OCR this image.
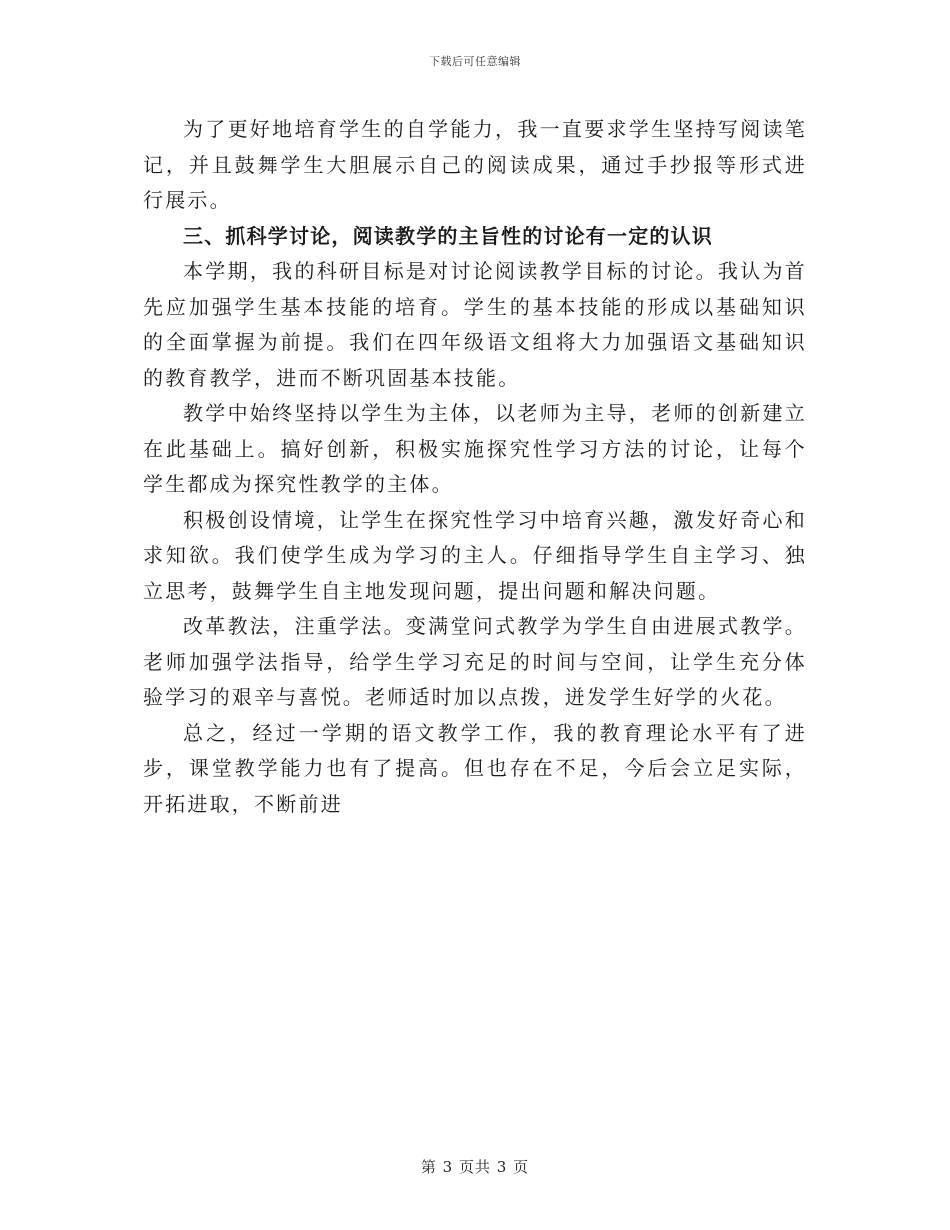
下载后可任意编辑

为了更好地培育学生的自学能力，我一直要求学生坚持写阅读笔记，并且鼓舞学生大胆展示自己的阅读成果，通过手抄报等形式进行展示。

三、抓科学讨论，阅读教学的主旨性的讨论有一定的认识

本学期，我的科研目标是对讨论阅读教学目标的讨论。我认为首先应加强学生基本技能的培育。学生的基本技能的形成以基础知识的全面掌握为前提。我们在四年级语文组将大力加强语文基础知识的教育教学，进而不断巩固基本技能。

教学中始终坚持以学生为主体，以老师为主导，老师的创新建立在此基础上。搞好创新，积极实施探究性学习方法的讨论，让每个学生都成为探究性教学的主体。

积极创设情境，让学生在探究性学习中培育兴趣，激发好奇心和求知欲。我们使学生成为学习的主人。仔细指导学生自主学习、独立思考，鼓舞学生自主地发现问题，提出问题和解决问题。

改革教法，注重学法。变满堂问式教学为学生自由进展式教学。老师加强学法指导，给学生学习充足的时间与空间，让学生充分体验学习的艰辛与喜悦。老师适时加以点拨，迸发学生好学的火花。

总之，经过一学期的语文教学工作，我的教育理论水平有了进步，课堂教学能力也有了提高。但也存在不足，今后会立足实际，开拓进取，不断前进

第 3 页共 3 页
